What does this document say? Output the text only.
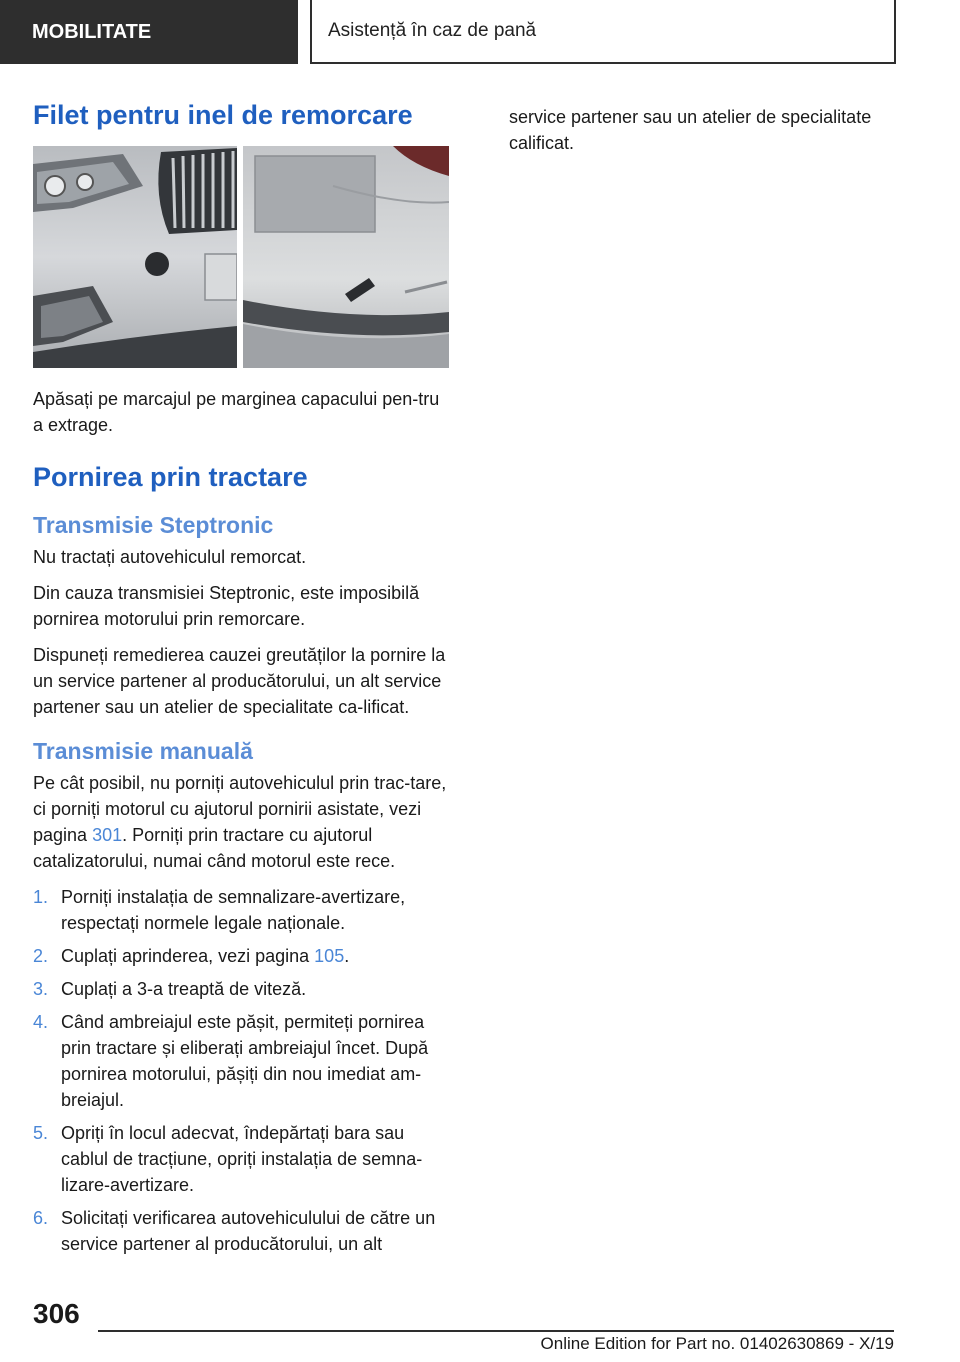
MOBILITATE	Asistență în caz de pană
Filet pentru inel de remorcare

Apăsați pe marcajul pe marginea capacului pen-tru a extrage.

Pornirea prin tractare
Transmisie Steptronic

Nu tractați autovehiculul remorcat.

Din cauza transmisiei Steptronic, este imposibilă pornirea motorului prin remorcare.

Dispuneți remedierea cauzei greutăților la pornire la un service partener al producătorului, un alt service partener sau un atelier de specialitate ca-lificat.

Transmisie manuală

Pe cât posibil, nu porniți autovehiculul prin trac-tare, ci porniți motorul cu ajutorul pornirii asistate, vezi pagina 301. Porniți prin tractare cu ajutorul catalizatorului, numai când motorul este rece.

1. Porniți instalația de semnalizare-avertizare, respectați normele legale naționale.
2. Cuplați aprinderea, vezi pagina 105.
3. Cuplați a 3-a treaptă de viteză.
4. Când ambreiajul este pășit, permiteți pornirea prin tractare și eliberați ambreiajul încet. După pornirea motorului, pășiți din nou imediat am-breiajul.
5. Opriți în locul adecvat, îndepărtați bara sau cablul de tracțiune, opriți instalația de semna-lizare-avertizare.
6. Solicitați verificarea autovehiculului de către un service partener al producătorului, un alt

service partener sau un atelier de specialitate calificat.

306
Online Edition for Part no. 01402630869 - X/19
